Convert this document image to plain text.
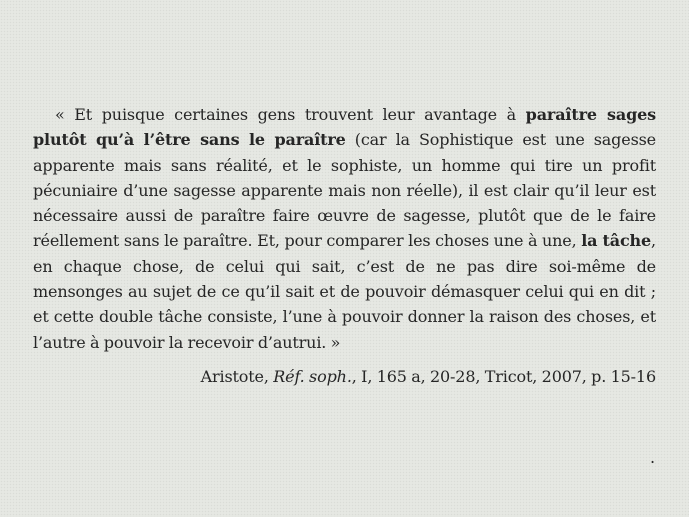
« Et puisque certaines gens trouvent leur avantage à paraître sages plutôt qu’à l’être sans le paraître (car la Sophistique est une sagesse apparente mais sans réalité, et le sophiste, un homme qui tire un profit pécuniaire d’une sagesse apparente mais non réelle), il est clair qu’il leur est nécessaire aussi de paraître faire œuvre de sagesse, plutôt que de le faire réellement sans le paraître. Et, pour comparer les choses une à une, la tâche, en chaque chose, de celui qui sait, c’est de ne pas dire soi-même de mensonges au sujet de ce qu’il sait et de pouvoir démasquer celui qui en dit ; et cette double tâche consiste, l’une à pouvoir donner la raison des choses, et l’autre à pouvoir la recevoir d’autrui. »

Aristote, Réf. soph., I, 165 a, 20-28, Tricot, 2007, p. 15-16
.
